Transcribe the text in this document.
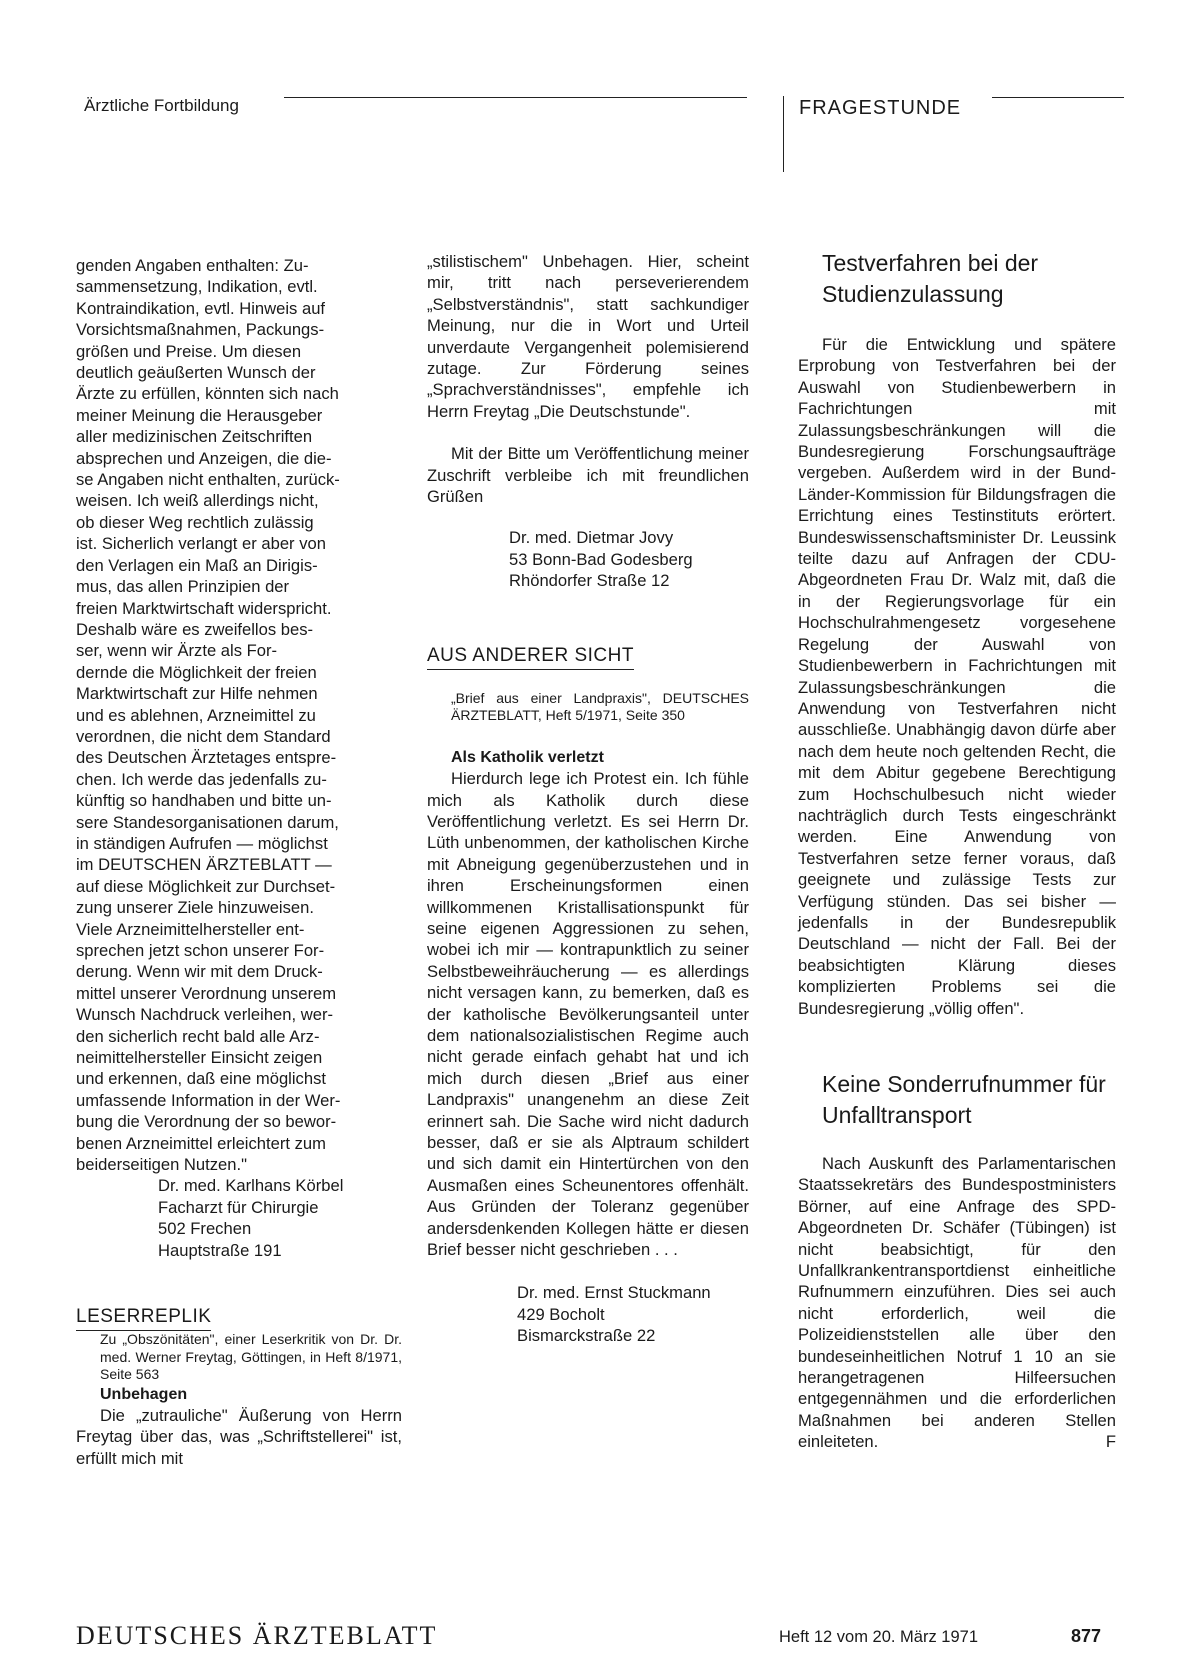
Ärztliche Fortbildung	FRAGESTUNDE

genden Angaben enthalten: Zu-

sammensetzung, Indikation, evtl.

Kontraindikation, evtl. Hinweis auf

Vorsichtsmaßnahmen, Packungs-

größen und Preise. Um diesen

deutlich geäußerten Wunsch der

Ärzte zu erfüllen, könnten sich nach

meiner Meinung die Herausgeber

aller medizinischen Zeitschriften

absprechen und Anzeigen, die die-

se Angaben nicht enthalten, zurück-

weisen. Ich weiß allerdings nicht,

ob dieser Weg rechtlich zulässig

ist. Sicherlich verlangt er aber von

den Verlagen ein Maß an Dirigis-

mus, das allen Prinzipien der

freien Marktwirtschaft widerspricht.

Deshalb wäre es zweifellos bes-

ser, wenn wir Ärzte als For-

dernde die Möglichkeit der freien

Marktwirtschaft zur Hilfe nehmen

und es ablehnen, Arzneimittel zu

verordnen, die nicht dem Standard

des Deutschen Ärztetages entspre-

chen. Ich werde das jedenfalls zu-

künftig so handhaben und bitte un-

sere Standesorganisationen darum,

in ständigen Aufrufen — möglichst

im DEUTSCHEN ÄRZTEBLATT —

auf diese Möglichkeit zur Durchset-

zung unserer Ziele hinzuweisen.

Viele Arzneimittelhersteller ent-

sprechen jetzt schon unserer For-

derung. Wenn wir mit dem Druck-

mittel unserer Verordnung unserem

Wunsch Nachdruck verleihen, wer-

den sicherlich recht bald alle Arz-

neimittelhersteller Einsicht zeigen

und erkennen, daß eine möglichst

umfassende Information in der Wer-

bung die Verordnung der so bewor-

benen Arzneimittel erleichtert zum

beiderseitigen Nutzen."

Dr. med. Karlhans Körbel

Facharzt für Chirurgie

502 Frechen

Hauptstraße 191

LESERREPLIK

Zu „Obszönitäten", einer Leserkritik von Dr. Dr. med. Werner Freytag, Göttingen, in Heft 8/1971, Seite 563

Unbehagen

Die „zutrauliche" Äußerung von Herrn Freytag über das, was „Schriftstellerei" ist, erfüllt mich mit

„stilistischem" Unbehagen. Hier, scheint mir, tritt nach perseverierendem „Selbstverständnis", statt sachkundiger Meinung, nur die in Wort und Urteil unverdaute Vergangenheit polemisierend zutage. Zur Förderung seines „Sprachverständnisses", empfehle ich Herrn Freytag „Die Deutschstunde".

Mit der Bitte um Veröffentlichung meiner Zuschrift verbleibe ich mit freundlichen Grüßen

Dr. med. Dietmar Jovy

53 Bonn-Bad Godesberg

Rhöndorfer Straße 12

AUS ANDERER SICHT

„Brief aus einer Landpraxis", DEUTSCHES ÄRZTEBLATT, Heft 5/1971, Seite 350

Als Katholik verletzt

Hierdurch lege ich Protest ein. Ich fühle mich als Katholik durch diese Veröffentlichung verletzt. Es sei Herrn Dr. Lüth unbenommen, der katholischen Kirche mit Abneigung gegenüberzustehen und in ihren Erscheinungsformen einen willkommenen Kristallisationspunkt für seine eigenen Aggressionen zu sehen, wobei ich mir — kontrapunktlich zu seiner Selbstbeweihräucherung — es allerdings nicht versagen kann, zu bemerken, daß es der katholische Bevölkerungsanteil unter dem nationalsozialistischen Regime auch nicht gerade einfach gehabt hat und ich mich durch diesen „Brief aus einer Landpraxis" unangenehm an diese Zeit erinnert sah. Die Sache wird nicht dadurch besser, daß er sie als Alptraum schildert und sich damit ein Hintertürchen von den Ausmaßen eines Scheunentores offenhält. Aus Gründen der Toleranz gegenüber andersdenkenden Kollegen hätte er diesen Brief besser nicht geschrieben . . .

Dr. med. Ernst Stuckmann

429 Bocholt

Bismarckstraße 22

Testverfahren bei der Studienzulassung

Für die Entwicklung und spätere Erprobung von Testverfahren bei der Auswahl von Studienbewerbern in Fachrichtungen mit Zulassungsbeschränkungen will die Bundesregierung Forschungsaufträge vergeben. Außerdem wird in der Bund-Länder-Kommission für Bildungsfragen die Errichtung eines Testinstituts erörtert. Bundeswissenschaftsminister Dr. Leussink teilte dazu auf Anfragen der CDU-Abgeordneten Frau Dr. Walz mit, daß die in der Regierungsvorlage für ein Hochschulrahmengesetz vorgesehene Regelung der Auswahl von Studienbewerbern in Fachrichtungen mit Zulassungsbeschränkungen die Anwendung von Testverfahren nicht ausschließe. Unabhängig davon dürfe aber nach dem heute noch geltenden Recht, die mit dem Abitur gegebene Berechtigung zum Hochschulbesuch nicht wieder nachträglich durch Tests eingeschränkt werden. Eine Anwendung von Testverfahren setze ferner voraus, daß geeignete und zulässige Tests zur Verfügung stünden. Das sei bisher — jedenfalls in der Bundesrepublik Deutschland — nicht der Fall. Bei der beabsichtigten Klärung dieses komplizierten Problems sei die Bundesregierung „völlig offen".

Keine Sonderrufnummer für Unfalltransport

Nach Auskunft des Parlamentarischen Staatssekretärs des Bundespostministers Börner, auf eine Anfrage des SPD-Abgeordneten Dr. Schäfer (Tübingen) ist nicht beabsichtigt, für den Unfallkrankentransportdienst einheitliche Rufnummern einzuführen. Dies sei auch nicht erforderlich, weil die Polizeidienststellen alle über den bundeseinheitlichen Notruf 1 10 an sie herangetragenen Hilfeersuchen entgegennähmen und die erforderlichen Maßnahmen bei anderen Stellen einleiteten.	F

DEUTSCHES ÄRZTEBLATT	Heft 12 vom 20. März 1971	877
